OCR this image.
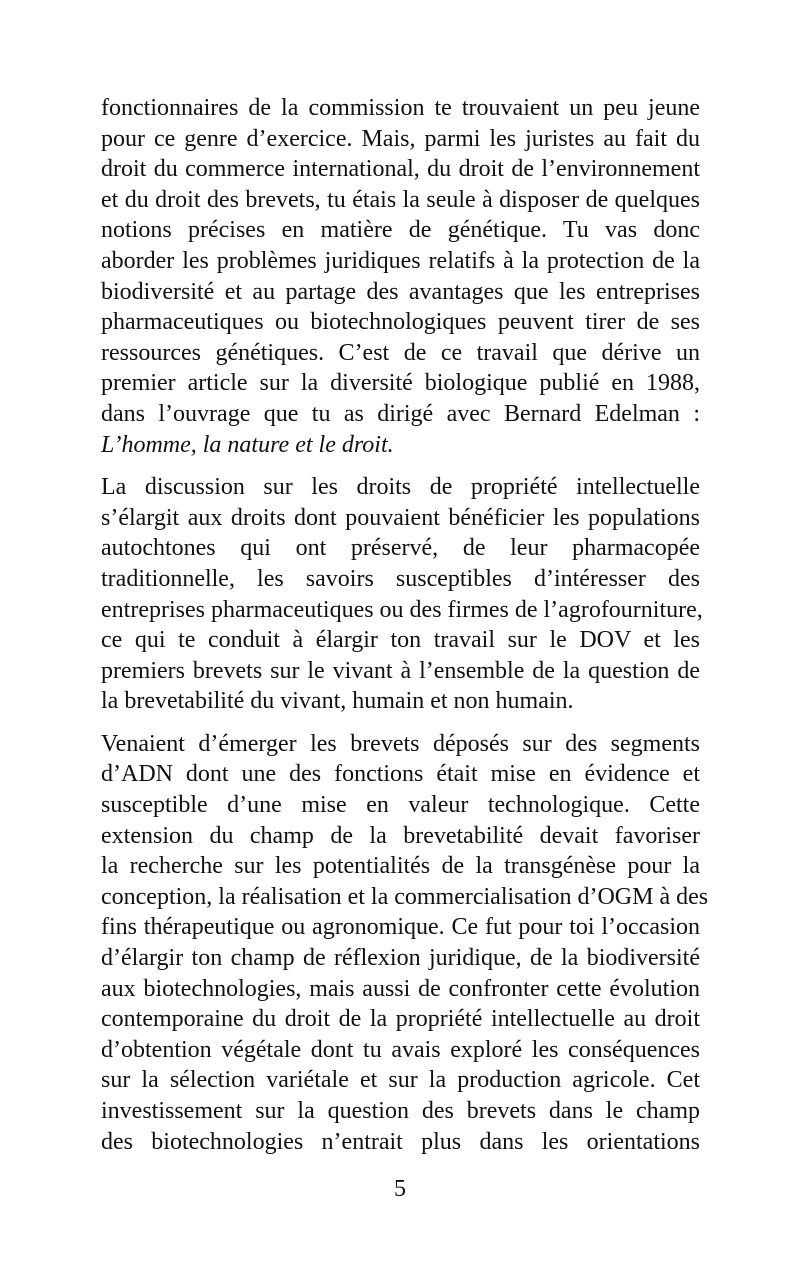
fonctionnaires de la commission te trouvaient un peu jeune
pour ce genre d’exercice. Mais, parmi les juristes au fait du
droit du commerce international, du droit de l’environnement
et du droit des brevets, tu étais la seule à disposer de quelques
notions précises en matière de génétique. Tu vas donc
aborder les problèmes juridiques relatifs à la protection de la
biodiversité et au partage des avantages que les entreprises
pharmaceutiques ou biotechnologiques peuvent tirer de ses
ressources génétiques. C’est de ce travail que dérive un
premier article sur la diversité biologique publié en 1988,
dans l’ouvrage que tu as dirigé avec Bernard Edelman :
L’homme, la nature et le droit.
La discussion sur les droits de propriété intellectuelle
s’élargit aux droits dont pouvaient bénéficier les populations
autochtones qui ont préservé, de leur pharmacopée
traditionnelle, les savoirs susceptibles d’intéresser des
entreprises pharmaceutiques ou des firmes de l’agrofourniture,
ce qui te conduit à élargir ton travail sur le DOV et les
premiers brevets sur le vivant à l’ensemble de la question de
la brevetabilité du vivant, humain et non humain.
Venaient d’émerger les brevets déposés sur des segments
d’ADN dont une des fonctions était mise en évidence et
susceptible d’une mise en valeur technologique. Cette
extension du champ de la brevetabilité devait favoriser
la recherche sur les potentialités de la transgénèse pour la
conception, la réalisation et la commercialisation d’OGM à des
fins thérapeutique ou agronomique. Ce fut pour toi l’occasion
d’élargir ton champ de réflexion juridique, de la biodiversité
aux biotechnologies, mais aussi de confronter cette évolution
contemporaine du droit de la propriété intellectuelle au droit
d’obtention végétale dont tu avais exploré les conséquences
sur la sélection variétale et sur la production agricole. Cet
investissement sur la question des brevets dans le champ
des biotechnologies n’entrait plus dans les orientations
5
